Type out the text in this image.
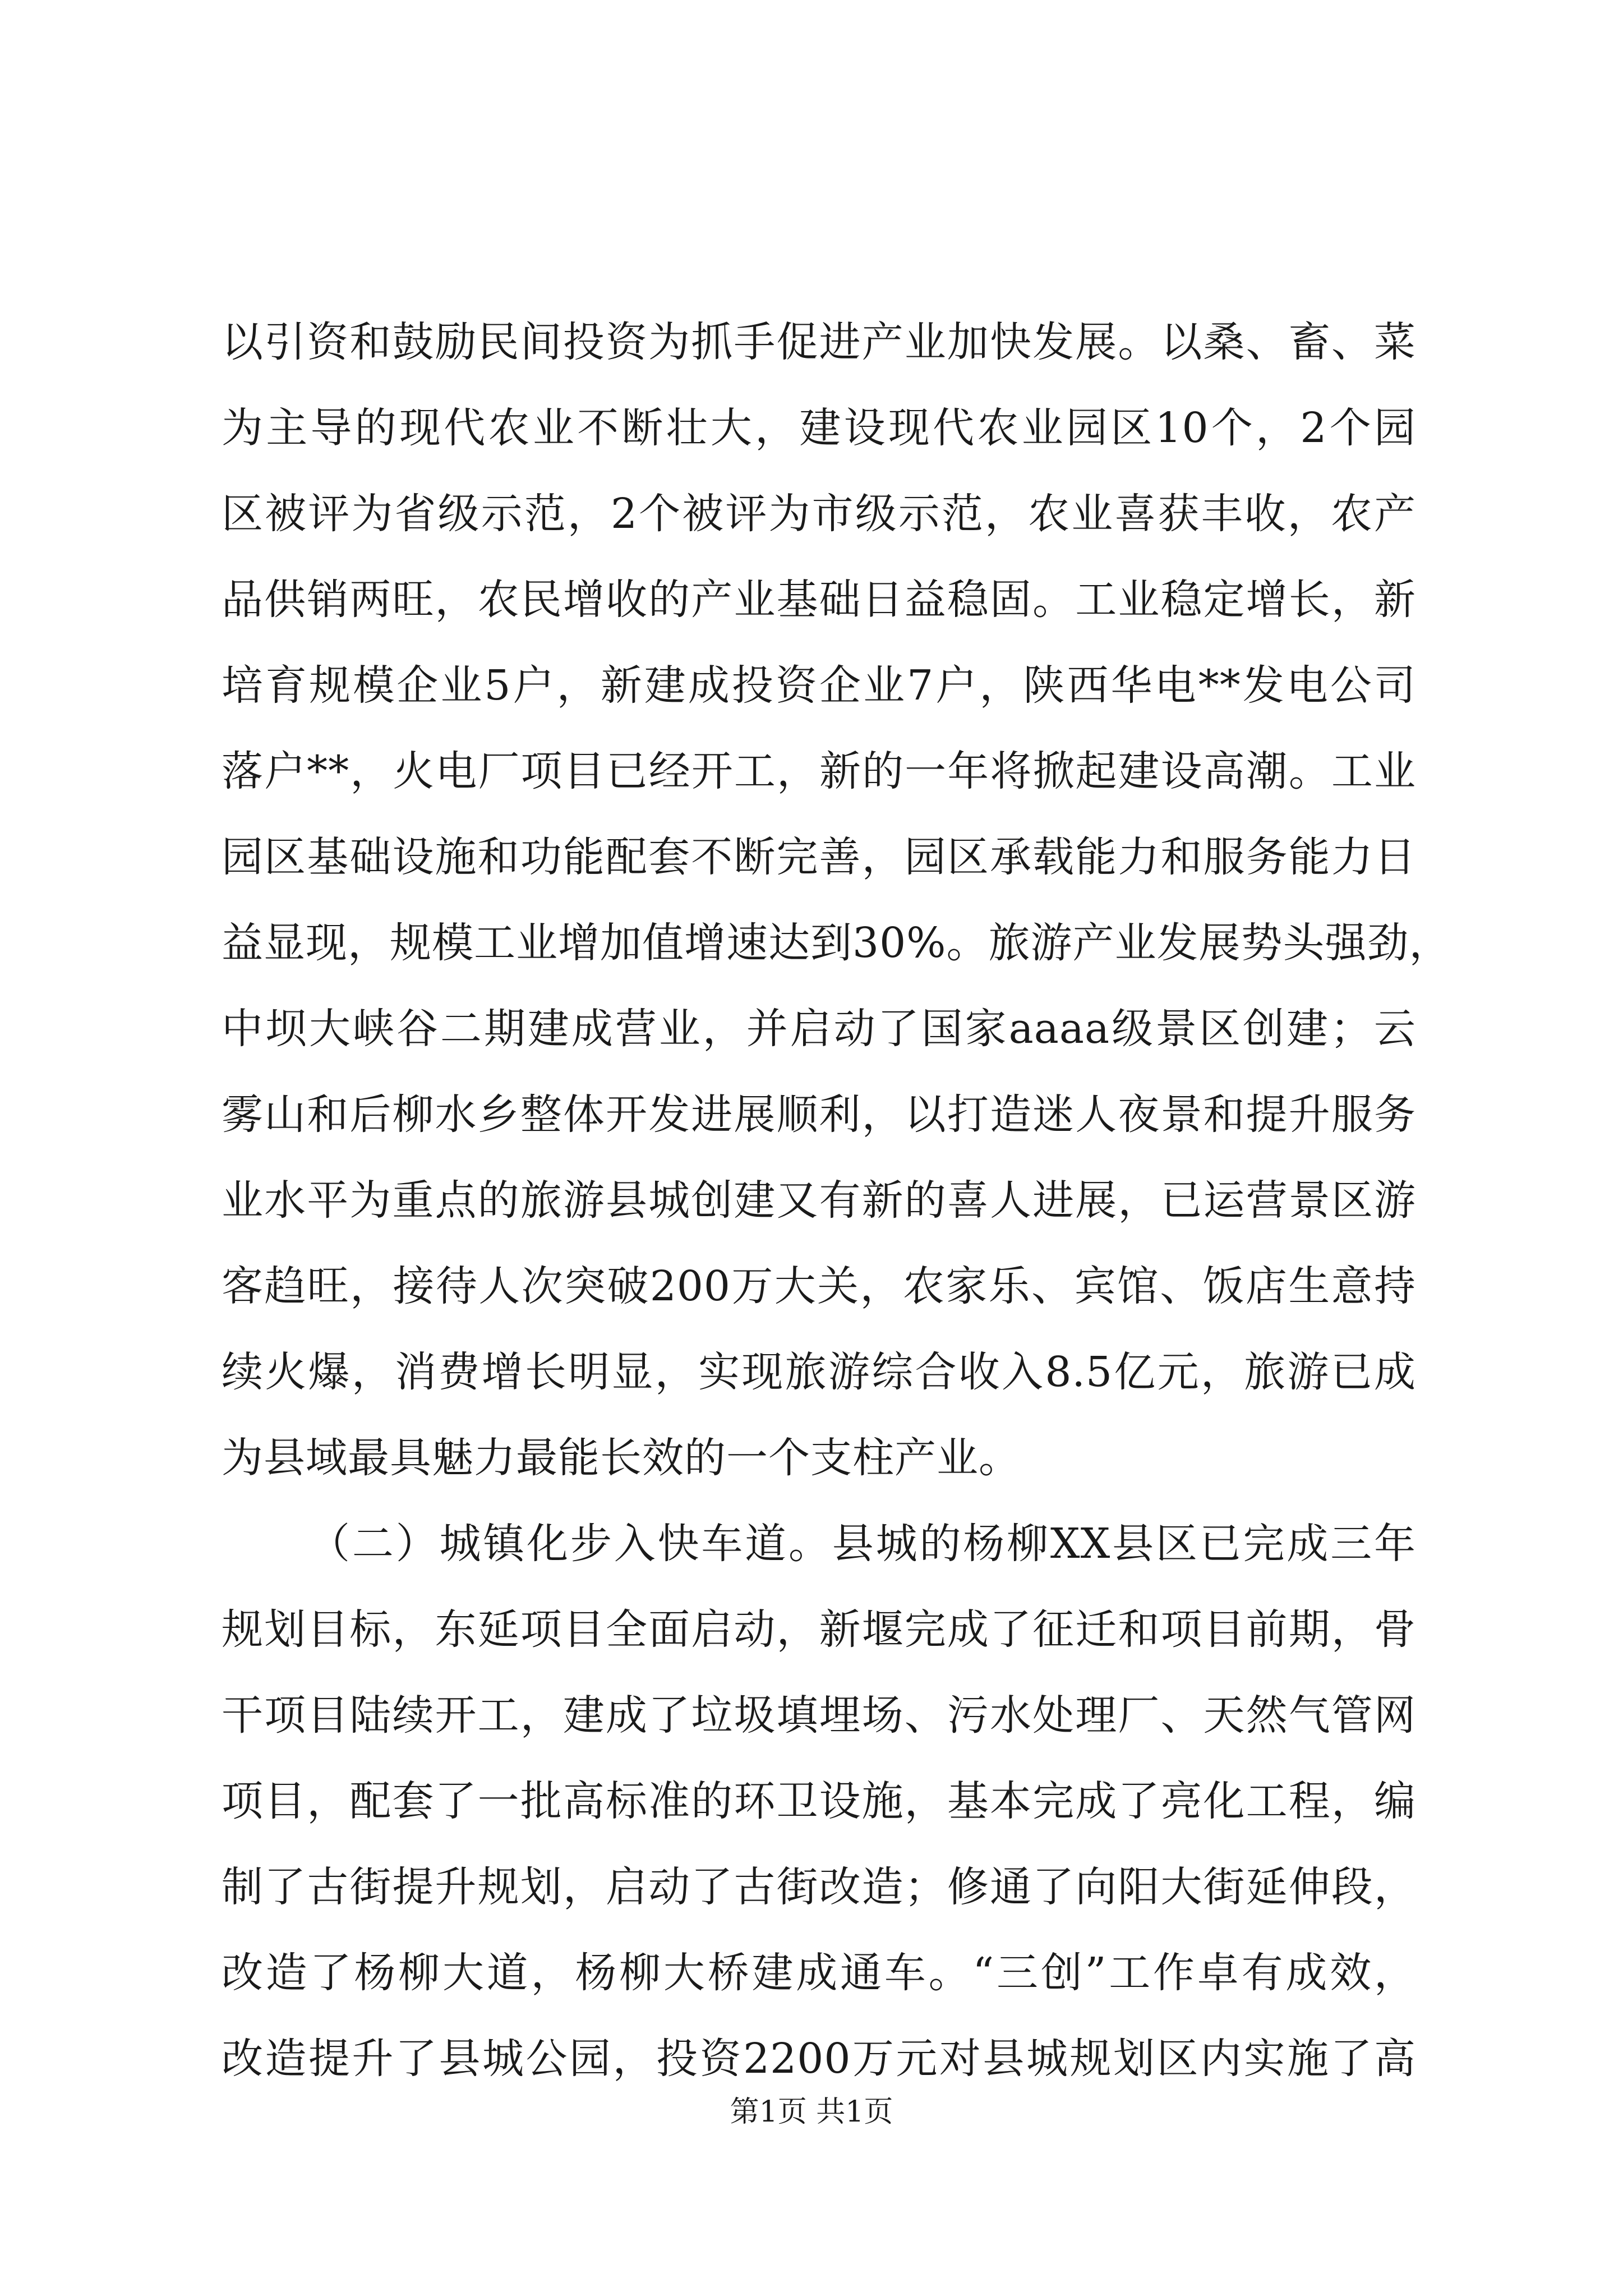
以引资和鼓励民间投资为抓手促进产业加快发展。以桑、畜、菜
为主导的现代农业不断壮大，建设现代农业园区10个，2个园
区被评为省级示范，2个被评为市级示范，农业喜获丰收，农产
品供销两旺，农民增收的产业基础日益稳固。工业稳定增长，新
培育规模企业5户，新建成投资企业7户，陕西华电**发电公司
落户**，火电厂项目已经开工，新的一年将掀起建设高潮。工业
园区基础设施和功能配套不断完善，园区承载能力和服务能力日
益显现，规模工业增加值增速达到30%。旅游产业发展势头强劲，
中坝大峡谷二期建成营业，并启动了国家aaaa级景区创建；云
雾山和后柳水乡整体开发进展顺利，以打造迷人夜景和提升服务
业水平为重点的旅游县城创建又有新的喜人进展，已运营景区游
客趋旺，接待人次突破200万大关，农家乐、宾馆、饭店生意持
续火爆，消费增长明显，实现旅游综合收入8.5亿元，旅游已成
为县域最具魅力最能长效的一个支柱产业。
（二）城镇化步入快车道。县城的杨柳XX县区已完成三年
规划目标，东延项目全面启动，新堰完成了征迁和项目前期，骨
干项目陆续开工，建成了垃圾填埋场、污水处理厂、天然气管网
项目，配套了一批高标准的环卫设施，基本完成了亮化工程，编
制了古街提升规划，启动了古街改造；修通了向阳大街延伸段，
改造了杨柳大道，杨柳大桥建成通车。“三创”工作卓有成效，
改造提升了县城公园，投资2200万元对县城规划区内实施了高
第1页 共1页
